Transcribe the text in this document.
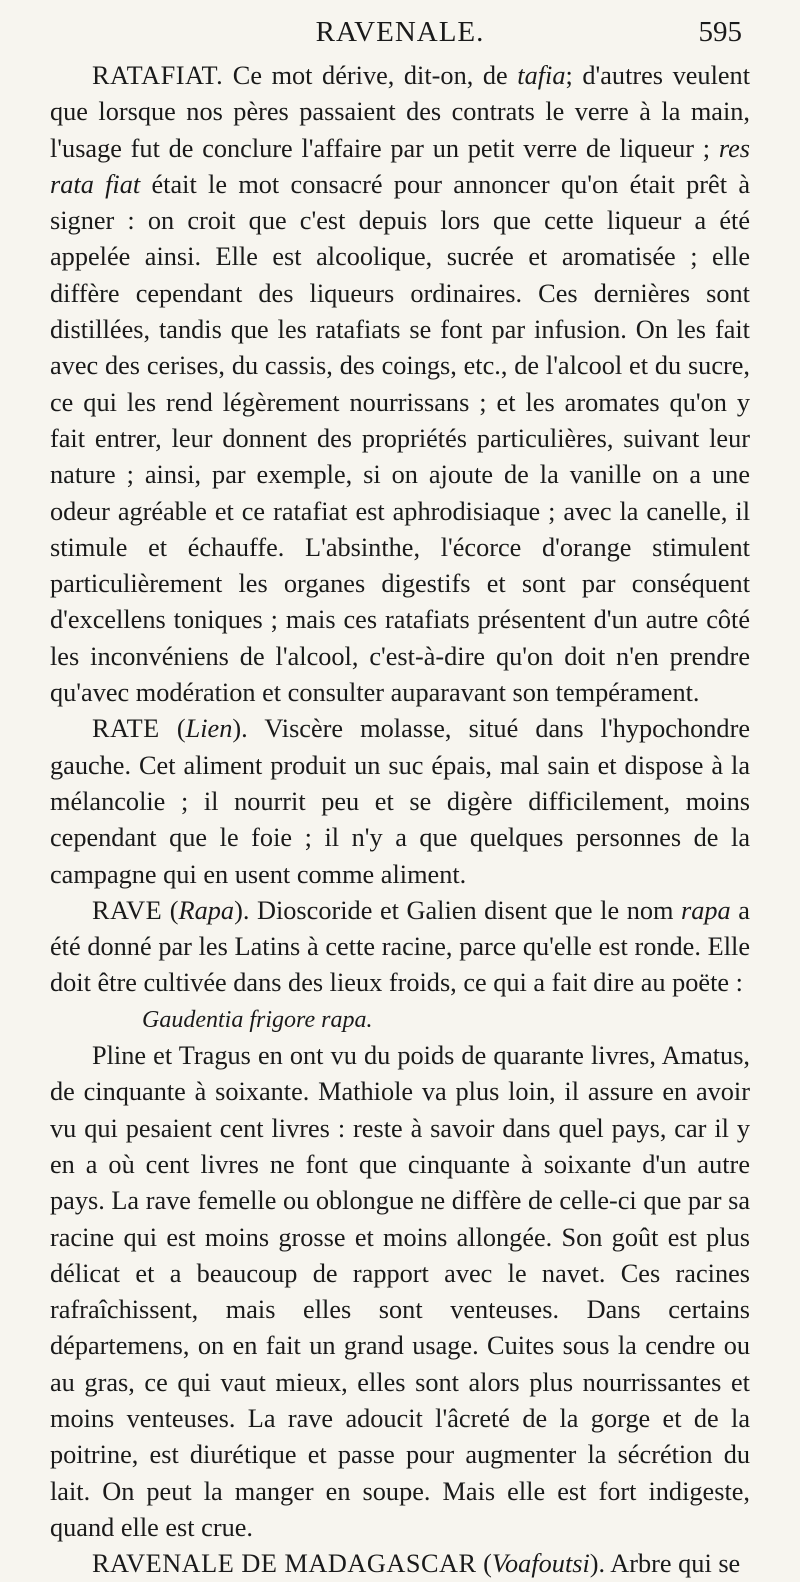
RAVENALE.	595

RATAFIAT. Ce mot dérive, dit-on, de tafia; d'autres veulent que lorsque nos pères passaient des contrats le verre à la main, l'usage fut de conclure l'affaire par un petit verre de liqueur ; res rata fiat était le mot consacré pour annoncer qu'on était prêt à signer : on croit que c'est depuis lors que cette liqueur a été appelée ainsi. Elle est alcoolique, sucrée et aromatisée ; elle diffère cependant des liqueurs ordinaires. Ces dernières sont distillées, tandis que les ratafiats se font par infusion. On les fait avec des cerises, du cassis, des coings, etc., de l'alcool et du sucre, ce qui les rend légèrement nourrissans ; et les aromates qu'on y fait entrer, leur donnent des propriétés particulières, suivant leur nature ; ainsi, par exemple, si on ajoute de la vanille on a une odeur agréable et ce ratafiat est aphrodisiaque ; avec la canelle, il stimule et échauffe. L'absinthe, l'écorce d'orange stimulent particulièrement les organes digestifs et sont par conséquent d'excellens toniques ; mais ces ratafiats présentent d'un autre côté les inconvéniens de l'alcool, c'est-à-dire qu'on doit n'en prendre qu'avec modération et consulter auparavant son tempérament.

RATE (Lien). Viscère molasse, situé dans l'hypochondre gauche. Cet aliment produit un suc épais, mal sain et dispose à la mélancolie ; il nourrit peu et se digère difficilement, moins cependant que le foie ; il n'y a que quelques personnes de la campagne qui en usent comme aliment.

RAVE (Rapa). Dioscoride et Galien disent que le nom rapa a été donné par les Latins à cette racine, parce qu'elle est ronde. Elle doit être cultivée dans des lieux froids, ce qui a fait dire au poëte :

Gaudentia frigore rapa.

Pline et Tragus en ont vu du poids de quarante livres, Amatus, de cinquante à soixante. Mathiole va plus loin, il assure en avoir vu qui pesaient cent livres : reste à savoir dans quel pays, car il y en a où cent livres ne font que cinquante à soixante d'un autre pays. La rave femelle ou oblongue ne diffère de celle-ci que par sa racine qui est moins grosse et moins allongée. Son goût est plus délicat et a beaucoup de rapport avec le navet. Ces racines rafraîchissent, mais elles sont venteuses. Dans certains départemens, on en fait un grand usage. Cuites sous la cendre ou au gras, ce qui vaut mieux, elles sont alors plus nourrissantes et moins venteuses. La rave adoucit l'âcreté de la gorge et de la poitrine, est diurétique et passe pour augmenter la sécrétion du lait. On peut la manger en soupe. Mais elle est fort indigeste, quand elle est crue.

RAVENALE DE MADAGASCAR (Voafoutsi). Arbre qui se
